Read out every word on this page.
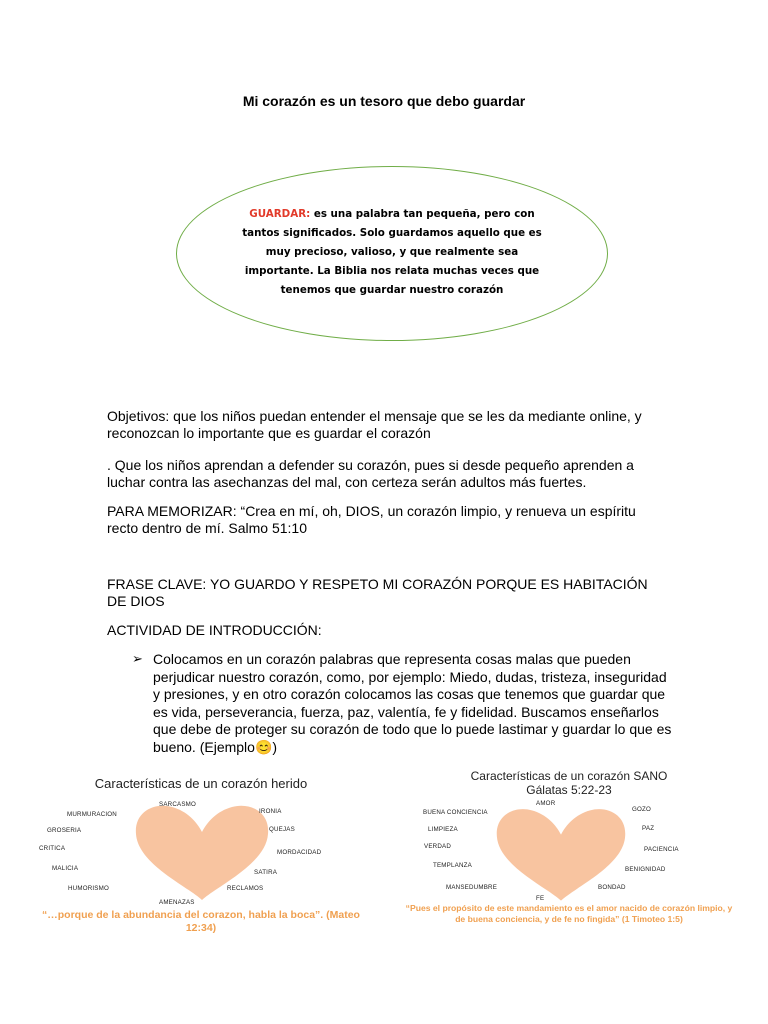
Mi corazón es un tesoro que debo guardar
GUARDAR: es una palabra tan pequeña, pero con tantos significados. Solo guardamos aquello que es muy precioso, valioso, y que realmente sea importante. La Biblia nos relata muchas veces que tenemos que guardar nuestro corazón
Objetivos: que los niños puedan entender el mensaje que se les da mediante online, y reconozcan lo importante que es guardar el corazón
. Que los niños aprendan a defender su corazón, pues si desde pequeño aprenden a luchar contra las asechanzas del mal, con certeza serán adultos más fuertes.
PARA MEMORIZAR: “Crea en mí, oh, DIOS, un corazón limpio, y renueva un espíritu recto dentro de mí. Salmo 51:10
FRASE CLAVE: YO GUARDO Y RESPETO MI CORAZÓN PORQUE ES HABITACIÓN DE DIOS
ACTIVIDAD DE INTRODUCCIÓN:
➢ Colocamos en un corazón palabras que representa cosas malas que pueden perjudicar nuestro corazón, como, por ejemplo: Miedo, dudas, tristeza, inseguridad y presiones, y en otro corazón colocamos las cosas que tenemos que guardar que es vida, perseverancia, fuerza, paz, valentía, fe y fidelidad. Buscamos enseñarlos que debe de proteger su corazón de todo que lo puede lastimar y guardar lo que es bueno. (Ejemplo😊)
Características de un corazón herido
SARCASMO
MURMURACION	IRONIA
GROSERIA	QUEJAS
CRITICA
MORDACIDAD
MALICIA
SATIRA
HUMORISMO	RECLAMOS
AMENAZAS
“…porque de la abundancia del corazon, habla la boca”. (Mateo 12:34)
Características de un corazón SANO
Gálatas 5:22-23
AMOR
BUENA CONCIENCIA	GOZO
LIMPIEZA	PAZ
VERDAD	PACIENCIA
TEMPLANZA
BENIGNIDAD
MANSEDUMBRE	BONDAD
FE
“Pues el propósito de este mandamiento es el amor nacido de corazón limpio, y de buena conciencia, y de fe no fingida” (1 Timoteo 1:5)
